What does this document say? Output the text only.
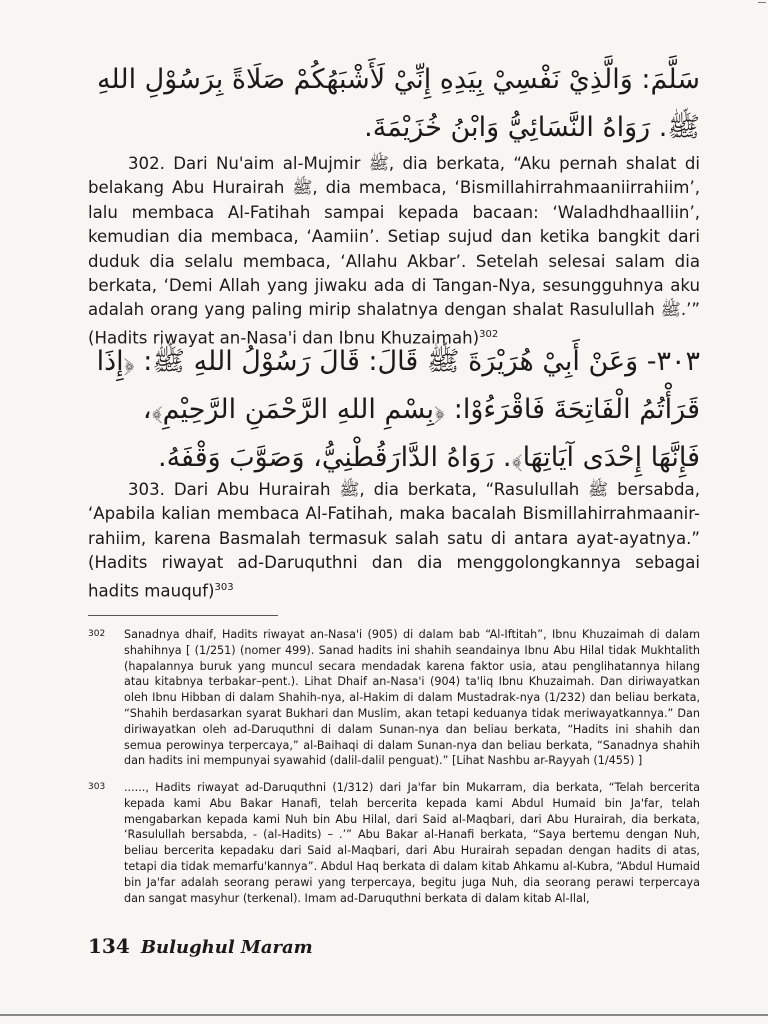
سَلَّمَ: وَالَّذِيْ نَفْسِيْ بِيَدِهِ إِنِّيْ لَأَشْبَهُكُمْ صَلَاةً بِرَسُوْلِ اللهِ ﷺ. رَوَاهُ النَّسَائِيُّ وَابْنُ خُزَيْمَةَ.

302. Dari Nu'aim al-Mujmir ﷺ, dia berkata, “Aku pernah shalat di belakang Abu Hurairah ﷺ, dia membaca, ‘Bismillahirrahmaaniirrahiim’, lalu membaca Al-Fatihah sampai kepada bacaan: ‘Waladhdhaalliin’, kemudian dia membaca, ‘Aamiin’. Setiap sujud dan ketika bangkit dari duduk dia selalu membaca, ‘Allahu Akbar’. Setelah selesai salam dia berkata, ‘Demi Allah yang jiwaku ada di Tangan-Nya, sesungguhnya aku adalah orang yang paling mirip shalatnya dengan shalat Rasulullah ﷺ.’” (Hadits riwayat an-Nasa'i dan Ibnu Khuzaimah)$^{302}$

٣٠٣- وَعَنْ أَبِيْ هُرَيْرَةَ ﷺ قَالَ: قَالَ رَسُوْلُ اللهِ ﷺ: ﴿إِذَا قَرَأْتُمُ الْفَاتِحَةَ فَاقْرَءُوْا: ﴿بِسْمِ اللهِ الرَّحْمَنِ الرَّحِيْمِ﴾، فَإِنَّهَا إِحْدَى آيَاتِهَا﴾. رَوَاهُ الدَّارَقُطْنِيُّ، وَصَوَّبَ وَقْفَهُ.

303. Dari Abu Hurairah ﷺ, dia berkata, “Rasulullah ﷺ bersabda, ‘Apabila kalian membaca Al-Fatihah, maka bacalah Bismillahirrahmaanir-rahiim, karena Basmalah termasuk salah satu di antara ayat-ayatnya.” (Hadits riwayat ad-Daruquthni dan dia menggolongkannya sebagai hadits mauquf)$^{303}$

302 Sanadnya dhaif, Hadits riwayat an-Nasa'i (905) di dalam bab “Al-Iftitah”, Ibnu Khuzaimah di dalam shahihnya [ (1/251) (nomer 499). Sanad hadits ini shahih seandainya Ibnu Abu Hilal tidak Mukhtalith (hapalannya buruk yang muncul secara mendadak karena faktor usia, atau penglihatannya hilang atau kitabnya terbakar–pent.). Lihat Dhaif an-Nasa'i (904) ta'liq Ibnu Khuzaimah. Dan diriwayatkan oleh Ibnu Hibban di dalam Shahih-nya, al-Hakim di dalam Mustadrak-nya (1/232) dan beliau berkata, “Shahih berdasarkan syarat Bukhari dan Muslim, akan tetapi keduanya tidak meriwayatkannya.” Dan diriwayatkan oleh ad-Daruquthni di dalam Sunan-nya dan beliau berkata, “Hadits ini shahih dan semua perowinya terpercaya,” al-Baihaqi di dalam Sunan-nya dan beliau berkata, “Sanadnya shahih dan hadits ini mempunyai syawahid (dalil-dalil penguat).” [Lihat Nashbu ar-Rayyah (1/455) ]
303 ......, Hadits riwayat ad-Daruquthni (1/312) dari Ja'far bin Mukarram, dia berkata, “Telah bercerita kepada kami Abu Bakar Hanafi, telah bercerita kepada kami Abdul Humaid bin Ja'far, telah mengabarkan kepada kami Nuh bin Abu Hilal, dari Said al-Maqbari, dari Abu Hurairah, dia berkata, ‘Rasulullah bersabda, - (al-Hadits) – .’” Abu Bakar al-Hanafi berkata, “Saya bertemu dengan Nuh, beliau bercerita kepadaku dari Said al-Maqbari, dari Abu Hurairah sepadan dengan hadits di atas, tetapi dia tidak memarfu'kannya”. Abdul Haq berkata di dalam kitab Ahkamu al-Kubra, “Abdul Humaid bin Ja'far adalah seorang perawi yang terpercaya, begitu juga Nuh, dia seorang perawi terpercaya dan sangat masyhur (terkenal). Imam ad-Daruquthni berkata di dalam kitab Al-Ilal,
134 Bulughul Maram
